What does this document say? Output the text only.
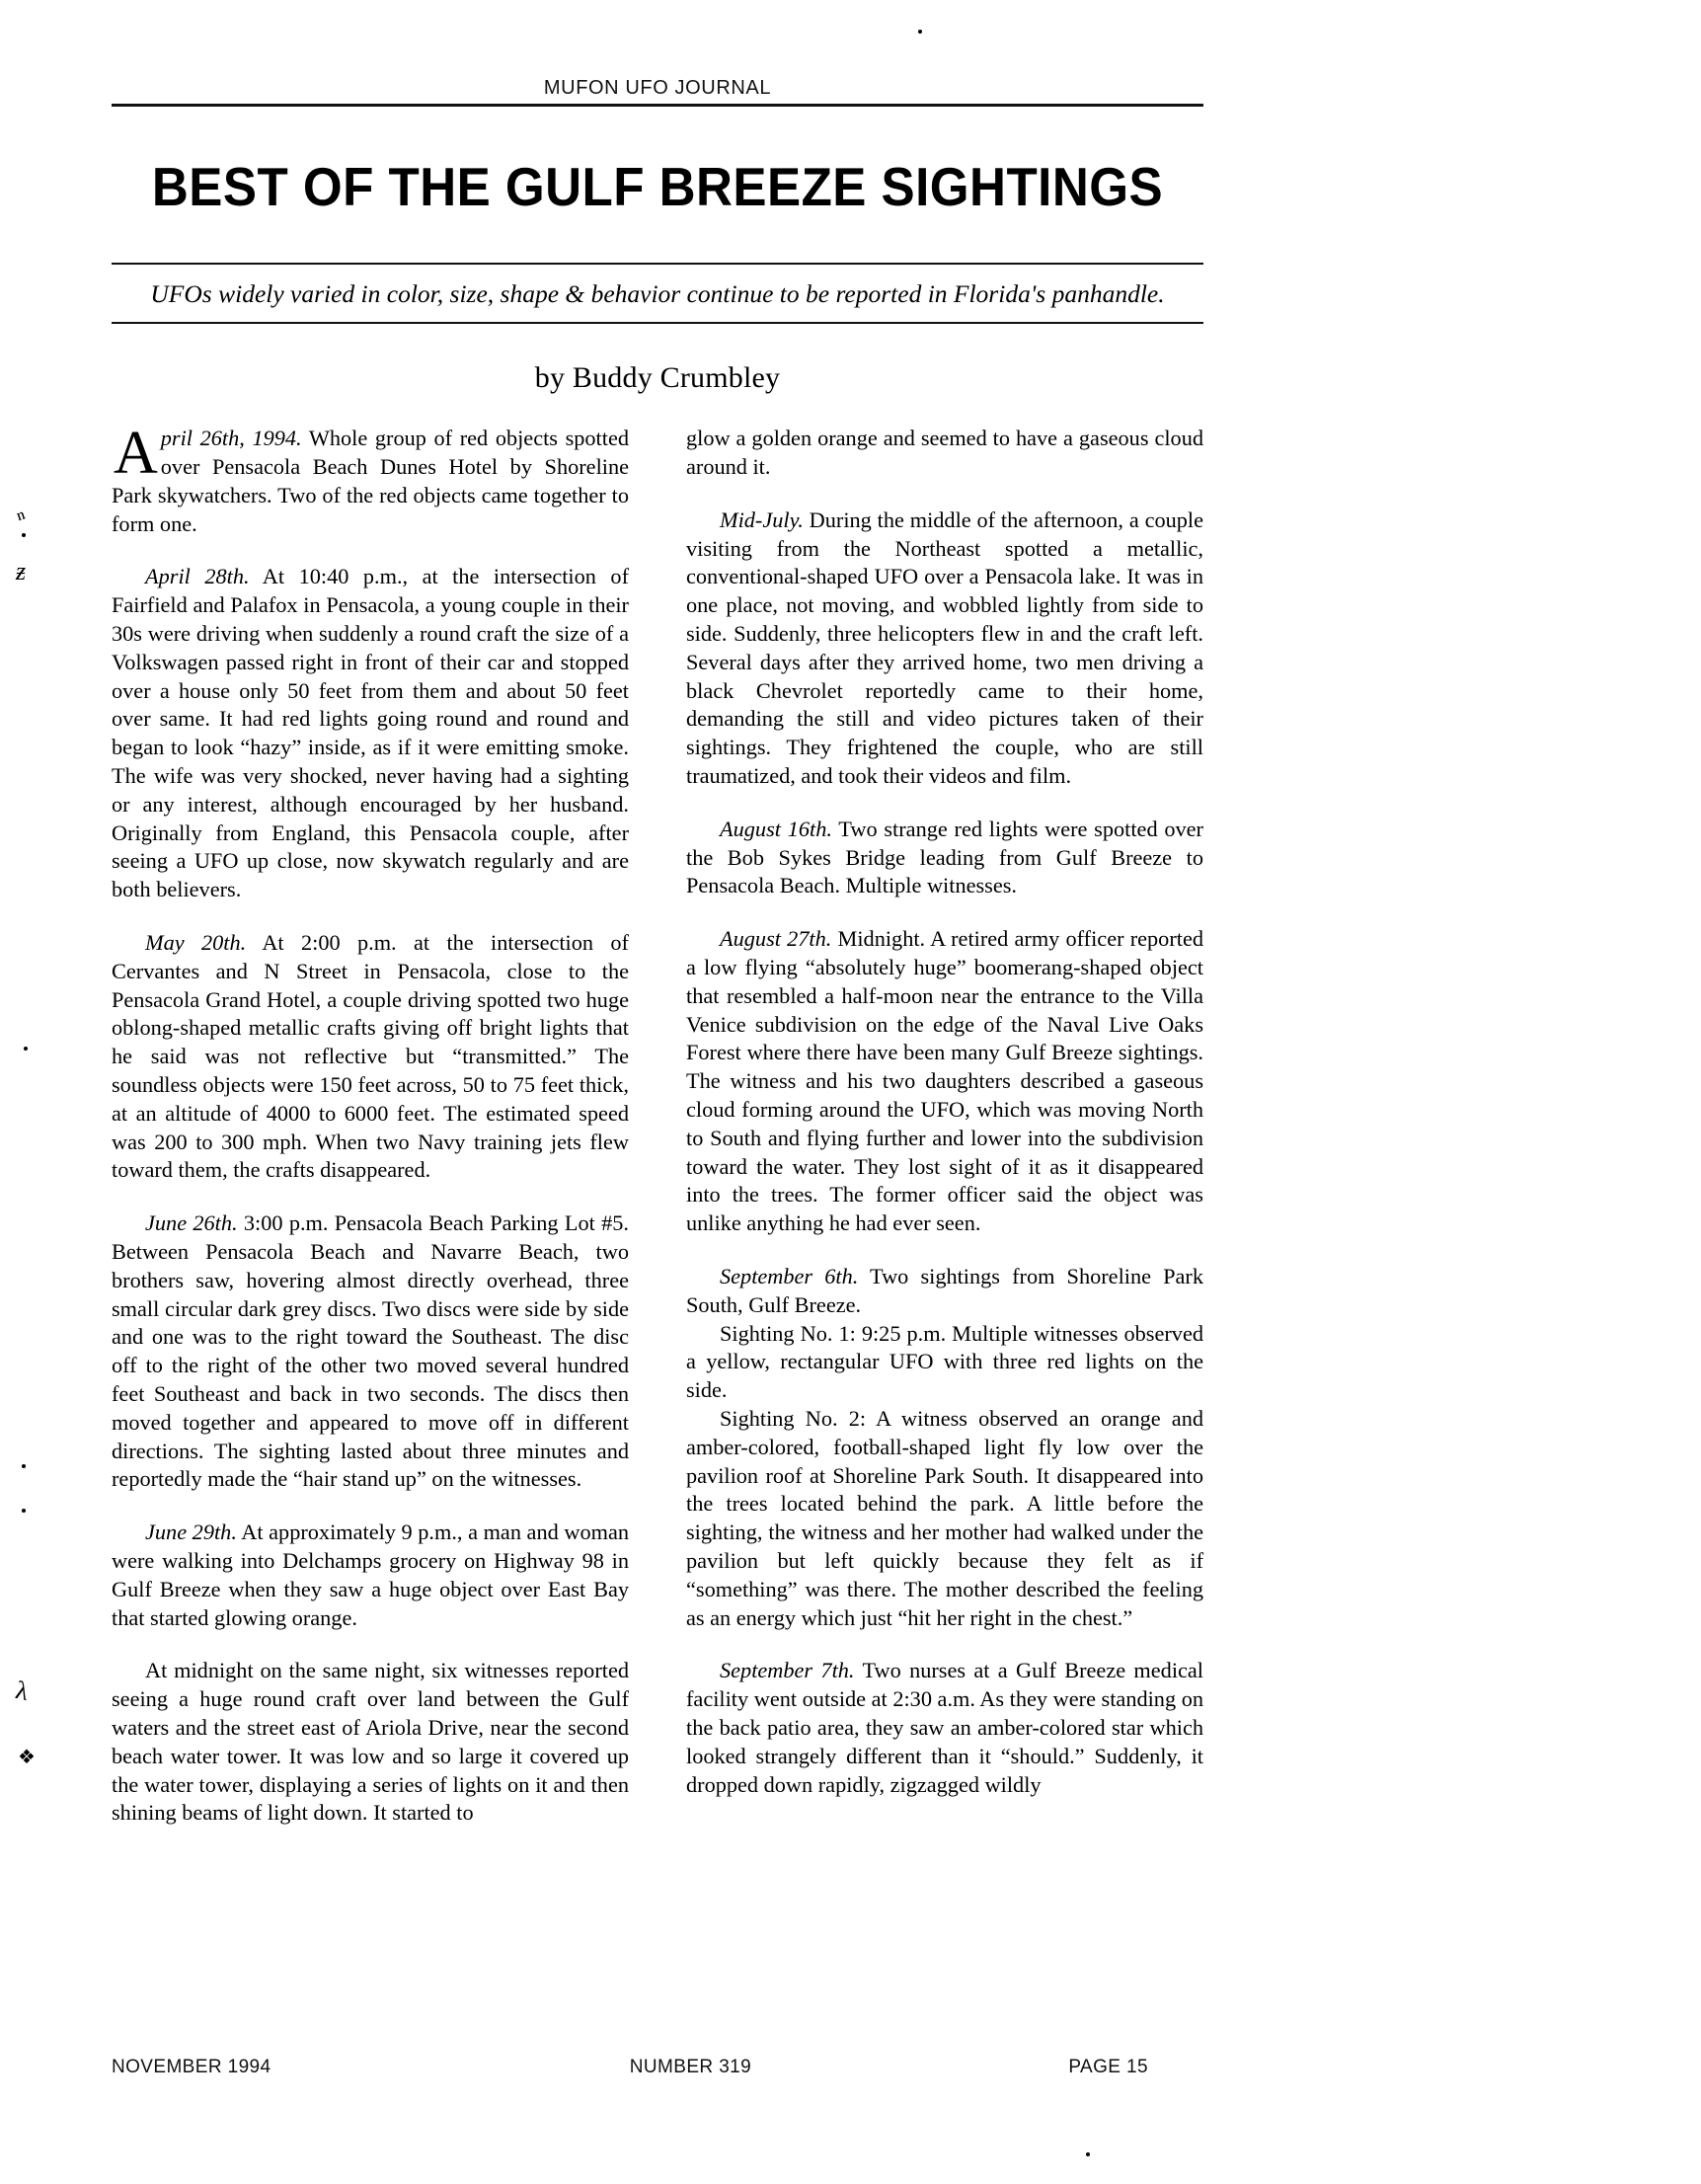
ⁿ
ƶ
λ
❖
MUFON UFO JOURNAL
BEST OF THE GULF BREEZE SIGHTINGS
UFOs widely varied in color, size, shape & behavior continue to be reported in Florida's panhandle.
by Buddy Crumbley

April 26th, 1994. Whole group of red objects spotted over Pensacola Beach Dunes Hotel by Shoreline Park skywatchers. Two of the red objects came together to form one.

April 28th. At 10:40 p.m., at the intersection of Fairfield and Palafox in Pensacola, a young couple in their 30s were driving when suddenly a round craft the size of a Volkswagen passed right in front of their car and stopped over a house only 50 feet from them and about 50 feet over same. It had red lights going round and round and began to look “hazy” inside, as if it were emitting smoke. The wife was very shocked, never having had a sighting or any interest, although encouraged by her husband. Originally from England, this Pensacola couple, after seeing a UFO up close, now skywatch regularly and are both believers.

May 20th. At 2:00 p.m. at the intersection of Cervantes and N Street in Pensacola, close to the Pensacola Grand Hotel, a couple driving spotted two huge oblong-shaped metallic crafts giving off bright lights that he said was not reflective but “transmitted.” The soundless objects were 150 feet across, 50 to 75 feet thick, at an altitude of 4000 to 6000 feet. The estimated speed was 200 to 300 mph. When two Navy training jets flew toward them, the crafts disappeared.

June 26th. 3:00 p.m. Pensacola Beach Parking Lot #5. Between Pensacola Beach and Navarre Beach, two brothers saw, hovering almost directly overhead, three small circular dark grey discs. Two discs were side by side and one was to the right toward the Southeast. The disc off to the right of the other two moved several hundred feet Southeast and back in two seconds. The discs then moved together and appeared to move off in different directions. The sighting lasted about three minutes and reportedly made the “hair stand up” on the witnesses.

June 29th. At approximately 9 p.m., a man and woman were walking into Delchamps grocery on Highway 98 in Gulf Breeze when they saw a huge object over East Bay that started glowing orange.

At midnight on the same night, six witnesses reported seeing a huge round craft over land between the Gulf waters and the street east of Ariola Drive, near the second beach water tower. It was low and so large it covered up the water tower, displaying a series of lights on it and then shining beams of light down. It started to

glow a golden orange and seemed to have a gaseous cloud around it.

Mid-July. During the middle of the afternoon, a couple visiting from the Northeast spotted a metallic, conventional-shaped UFO over a Pensacola lake. It was in one place, not moving, and wobbled lightly from side to side. Suddenly, three helicopters flew in and the craft left. Several days after they arrived home, two men driving a black Chevrolet reportedly came to their home, demanding the still and video pictures taken of their sightings. They frightened the couple, who are still traumatized, and took their videos and film.

August 16th. Two strange red lights were spotted over the Bob Sykes Bridge leading from Gulf Breeze to Pensacola Beach. Multiple witnesses.

August 27th. Midnight. A retired army officer reported a low flying “absolutely huge” boomerang-shaped object that resembled a half-moon near the entrance to the Villa Venice subdivision on the edge of the Naval Live Oaks Forest where there have been many Gulf Breeze sightings. The witness and his two daughters described a gaseous cloud forming around the UFO, which was moving North to South and flying further and lower into the subdivision toward the water. They lost sight of it as it disappeared into the trees. The former officer said the object was unlike anything he had ever seen.

September 6th. Two sightings from Shoreline Park South, Gulf Breeze.

Sighting No. 1: 9:25 p.m. Multiple witnesses observed a yellow, rectangular UFO with three red lights on the side.

Sighting No. 2: A witness observed an orange and amber-colored, football-shaped light fly low over the pavilion roof at Shoreline Park South. It disappeared into the trees located behind the park. A little before the sighting, the witness and her mother had walked under the pavilion but left quickly because they felt as if “something” was there. The mother described the feeling as an energy which just “hit her right in the chest.”

September 7th. Two nurses at a Gulf Breeze medical facility went outside at 2:30 a.m. As they were standing on the back patio area, they saw an amber-colored star which looked strangely different than it “should.” Suddenly, it dropped down rapidly, zigzagged wildly

NOVEMBER 1994	NUMBER 319	PAGE 15
